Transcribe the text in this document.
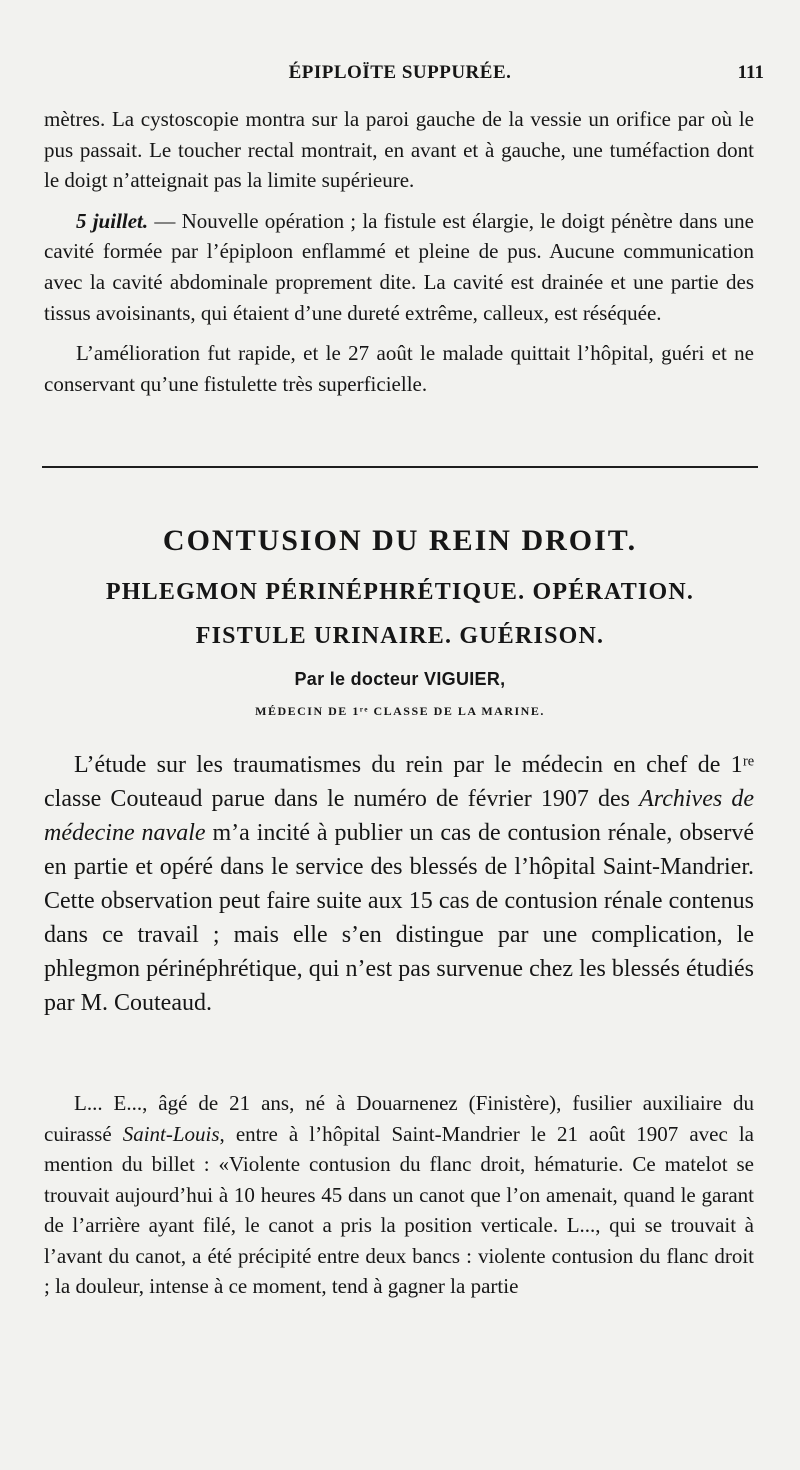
ÉPIPLOÏTE SUPPURÉE.	111

mètres. La cystoscopie montra sur la paroi gauche de la vessie un orifice par où le pus passait. Le toucher rectal montrait, en avant et à gauche, une tuméfaction dont le doigt n’atteignait pas la limite supérieure.

5 juillet. — Nouvelle opération ; la fistule est élargie, le doigt pénètre dans une cavité formée par l’épiploon enflammé et pleine de pus. Aucune communication avec la cavité abdominale proprement dite. La cavité est drainée et une partie des tissus avoisinants, qui étaient d’une dureté extrême, calleux, est réséquée.

L’amélioration fut rapide, et le 27 août le malade quittait l’hôpital, guéri et ne conservant qu’une fistulette très superficielle.

CONTUSION DU REIN DROIT.

PHLEGMON PÉRINÉPHRÉTIQUE. OPÉRATION.

FISTULE URINAIRE. GUÉRISON.

Par le docteur VIGUIER,

MÉDECIN DE 1ʳᵉ CLASSE DE LA MARINE.

L’étude sur les traumatismes du rein par le médecin en chef de 1ʳᵉ classe Couteaud parue dans le numéro de février 1907 des Archives de médecine navale m’a incité à publier un cas de contusion rénale, observé en partie et opéré dans le service des blessés de l’hôpital Saint-Mandrier. Cette observation peut faire suite aux 15 cas de contusion rénale contenus dans ce travail ; mais elle s’en distingue par une complication, le phlegmon périnéphrétique, qui n’est pas survenue chez les blessés étudiés par M. Couteaud.

L... E..., âgé de 21 ans, né à Douarnenez (Finistère), fusilier auxiliaire du cuirassé Saint-Louis, entre à l’hôpital Saint-Mandrier le 21 août 1907 avec la mention du billet : «Violente contusion du flanc droit, hématurie. Ce matelot se trouvait aujourd’hui à 10 heures 45 dans un canot que l’on amenait, quand le garant de l’arrière ayant filé, le canot a pris la position verticale. L..., qui se trouvait à l’avant du canot, a été précipité entre deux bancs : violente contusion du flanc droit ; la douleur, intense à ce moment, tend à gagner la partie
